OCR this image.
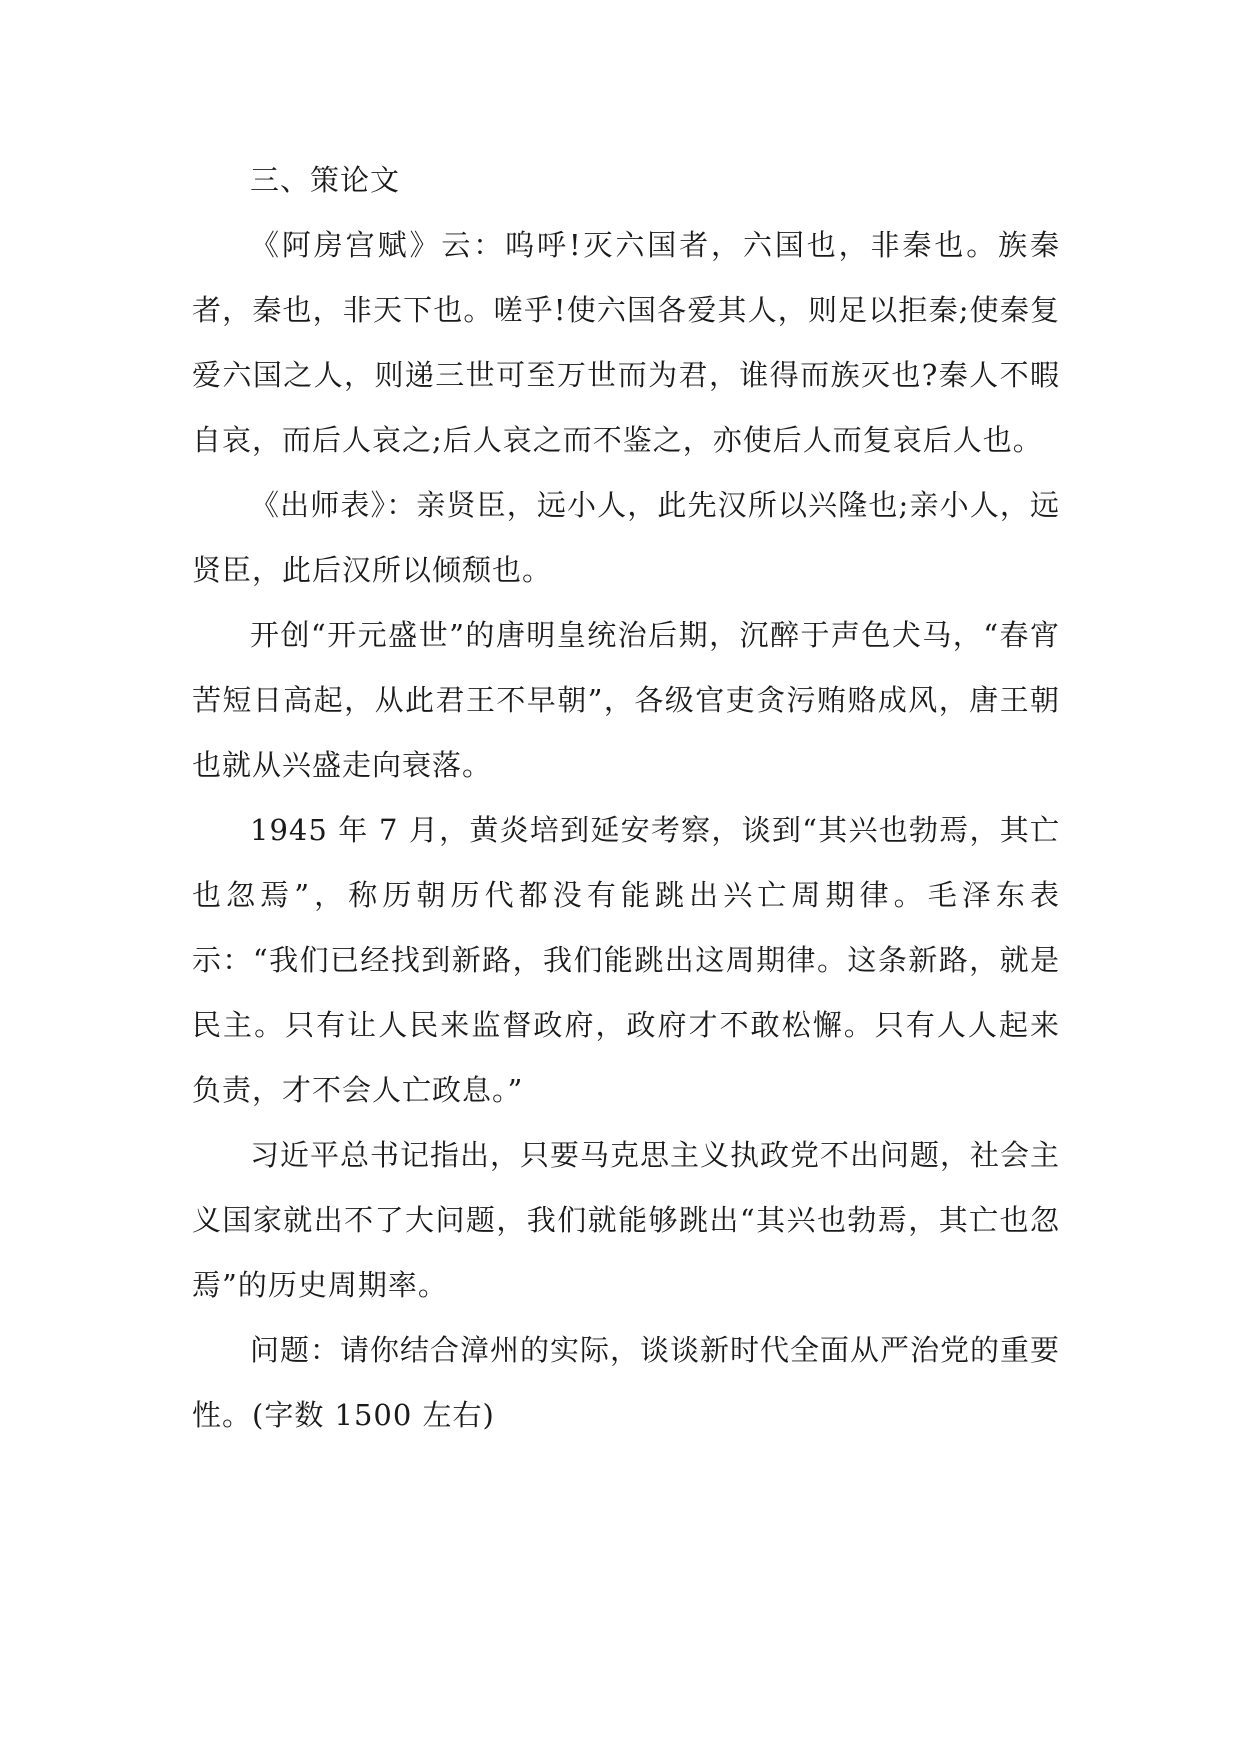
三、策论文

《阿房宫赋》云：呜呼!灭六国者，六国也，非秦也。族秦者，秦也，非天下也。嗟乎!使六国各爱其人，则足以拒秦;使秦复爱六国之人，则递三世可至万世而为君，谁得而族灭也?秦人不暇自哀，而后人哀之;后人哀之而不鉴之，亦使后人而复哀后人也。

《出师表》：亲贤臣，远小人，此先汉所以兴隆也;亲小人，远贤臣，此后汉所以倾颓也。

开创“开元盛世”的唐明皇统治后期，沉醉于声色犬马，“春宵苦短日高起，从此君王不早朝”，各级官吏贪污贿赂成风，唐王朝也就从兴盛走向衰落。

1945 年 7 月，黄炎培到延安考察，谈到“其兴也勃焉，其亡也忽焉”，称历朝历代都没有能跳出兴亡周期律。毛泽东表示：“我们已经找到新路，我们能跳出这周期律。这条新路，就是民主。只有让人民来监督政府，政府才不敢松懈。只有人人起来负责，才不会人亡政息。”

习近平总书记指出，只要马克思主义执政党不出问题，社会主义国家就出不了大问题，我们就能够跳出“其兴也勃焉，其亡也忽焉”的历史周期率。

问题：请你结合漳州的实际，谈谈新时代全面从严治党的重要性。(字数 1500 左右)
